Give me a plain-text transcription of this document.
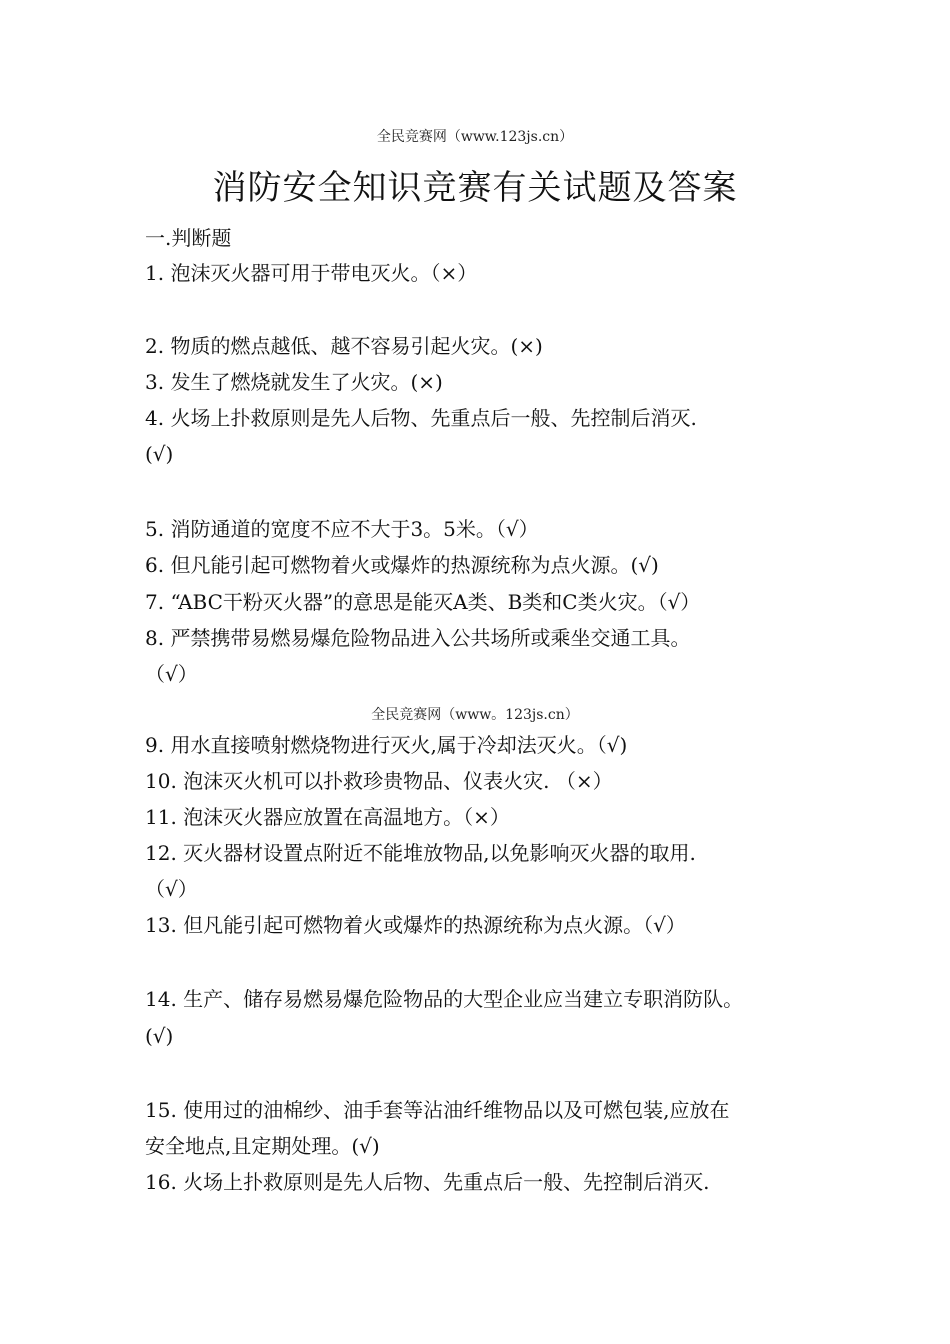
全民竞赛网（www.123js.cn）
消防安全知识竞赛有关试题及答案
一.判断题
1. 泡沫灭火器可用于带电灭火。（×）
2. 物质的燃点越低、越不容易引起火灾。(×)
3. 发生了燃烧就发生了火灾。(×)
4. 火场上扑救原则是先人后物、先重点后一般、先控制后消灭.
(√)
5. 消防通道的宽度不应不大于3。5米。（√）
6. 但凡能引起可燃物着火或爆炸的热源统称为点火源。(√)
7. “ABC干粉灭火器”的意思是能灭A类、B类和C类火灾。（√）
8. 严禁携带易燃易爆危险物品进入公共场所或乘坐交通工具。
（√）
全民竞赛网（www。123js.cn）
9. 用水直接喷射燃烧物进行灭火,属于冷却法灭火。（√)
10. 泡沫灭火机可以扑救珍贵物品、仪表火灾. （×）
11. 泡沫灭火器应放置在高温地方。（×）
12. 灭火器材设置点附近不能堆放物品,以免影响灭火器的取用.
（√）
13. 但凡能引起可燃物着火或爆炸的热源统称为点火源。（√）
14. 生产、储存易燃易爆危险物品的大型企业应当建立专职消防队。
(√)
15. 使用过的油棉纱、油手套等沾油纤维物品以及可燃包装,应放在
安全地点,且定期处理。(√)
16. 火场上扑救原则是先人后物、先重点后一般、先控制后消灭.
